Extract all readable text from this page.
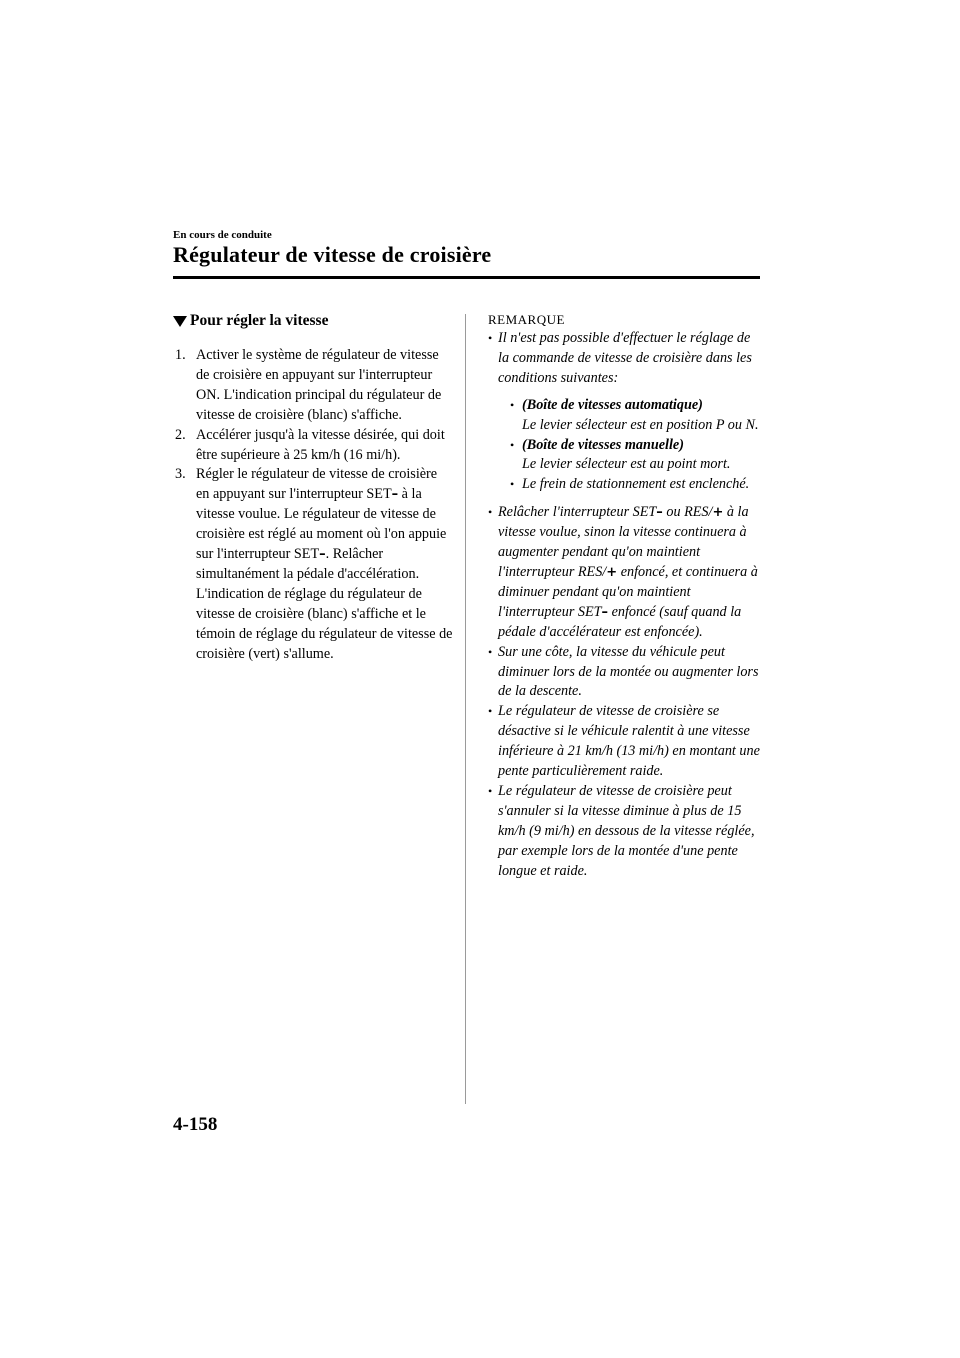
En cours de conduite
Régulateur de vitesse de croisière
Pour régler la vitesse
1. Activer le système de régulateur de vitesse de croisière en appuyant sur l'interrupteur ON. L'indication principal du régulateur de vitesse de croisière (blanc) s'affiche.
2. Accélérer jusqu'à la vitesse désirée, qui doit être supérieure à 25 km/h (16 mi/h).
3. Régler le régulateur de vitesse de croisière en appuyant sur l'interrupteur SET– à la vitesse voulue. Le régulateur de vitesse de croisière est réglé au moment où l'on appuie sur l'interrupteur SET–. Relâcher simultanément la pédale d'accélération. L'indication de réglage du régulateur de vitesse de croisière (blanc) s'affiche et le témoin de réglage du régulateur de vitesse de croisière (vert) s'allume.
REMARQUE
• Il n'est pas possible d'effectuer le réglage de la commande de vitesse de croisière dans les conditions suivantes:
• (Boîte de vitesses automatique)
Le levier sélecteur est en position P ou N.
• (Boîte de vitesses manuelle)
Le levier sélecteur est au point mort.
• Le frein de stationnement est enclenché.
• Relâcher l'interrupteur SET– ou RES/+ à la vitesse voulue, sinon la vitesse continuera à augmenter pendant qu'on maintient l'interrupteur RES/+ enfoncé, et continuera à diminuer pendant qu'on maintient l'interrupteur SET– enfoncé (sauf quand la pédale d'accélérateur est enfoncée).
• Sur une côte, la vitesse du véhicule peut diminuer lors de la montée ou augmenter lors de la descente.
• Le régulateur de vitesse de croisière se désactive si le véhicule ralentit à une vitesse inférieure à 21 km/h (13 mi/h) en montant une pente particulièrement raide.
• Le régulateur de vitesse de croisière peut s'annuler si la vitesse diminue à plus de 15 km/h (9 mi/h) en dessous de la vitesse réglée, par exemple lors de la montée d'une pente longue et raide.
4-158
